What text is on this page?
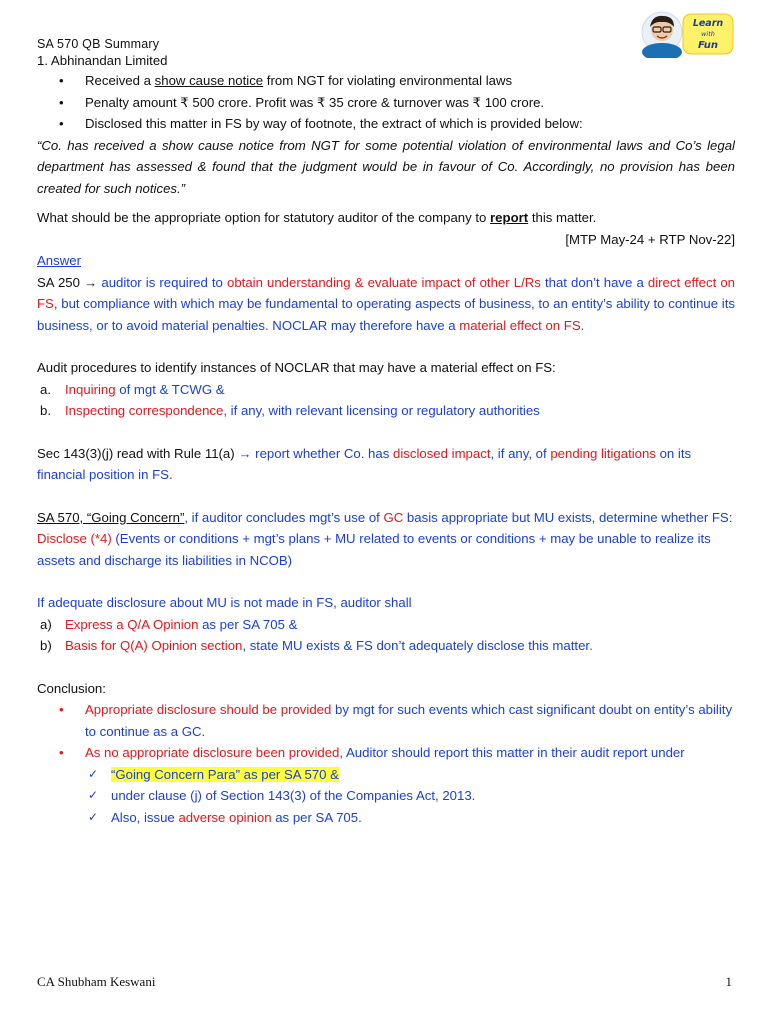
Learn
with
Fun
SA 570 QB Summary
1. Abhinandan Limited
• Received a show cause notice from NGT for violating environmental laws
• Penalty amount ₹ 500 crore. Profit was ₹ 35 crore & turnover was ₹ 100 crore.
• Disclosed this matter in FS by way of footnote, the extract of which is provided below:
“Co. has received a show cause notice from NGT for some potential violation of environmental laws and Co’s legal department has assessed & found that the judgment would be in favour of Co. Accordingly, no provision has been created for such notices.”
What should be the appropriate option for statutory auditor of the company to report this matter.
[MTP May-24 + RTP Nov-22]
Answer
SA 250 → auditor is required to obtain understanding & evaluate impact of other L/Rs that don’t have a direct effect on FS, but compliance with which may be fundamental to operating aspects of business, to an entity’s ability to continue its business, or to avoid material penalties. NOCLAR may therefore have a material effect on FS.
Audit procedures to identify instances of NOCLAR that may have a material effect on FS:
a. Inquiring of mgt & TCWG &
b. Inspecting correspondence, if any, with relevant licensing or regulatory authorities
Sec 143(3)(j) read with Rule 11(a) → report whether Co. has disclosed impact, if any, of pending litigations on its financial position in FS.
SA 570, “Going Concern”, if auditor concludes mgt’s use of GC basis appropriate but MU exists, determine whether FS:
Disclose (*4) (Events or conditions + mgt’s plans + MU related to events or conditions + may be unable to realize its assets and discharge its liabilities in NCOB)
If adequate disclosure about MU is not made in FS, auditor shall
a) Express a Q/A Opinion as per SA 705 &
b) Basis for Q(A) Opinion section, state MU exists & FS don’t adequately disclose this matter.
Conclusion:
• Appropriate disclosure should be provided by mgt for such events which cast significant doubt on entity’s ability to continue as a GC.
• As no appropriate disclosure been provided, Auditor should report this matter in their audit report under
✓ “Going Concern Para” as per SA 570 &
✓ under clause (j) of Section 143(3) of the Companies Act, 2013.
✓ Also, issue adverse opinion as per SA 705.
CA Shubham Keswani	1
